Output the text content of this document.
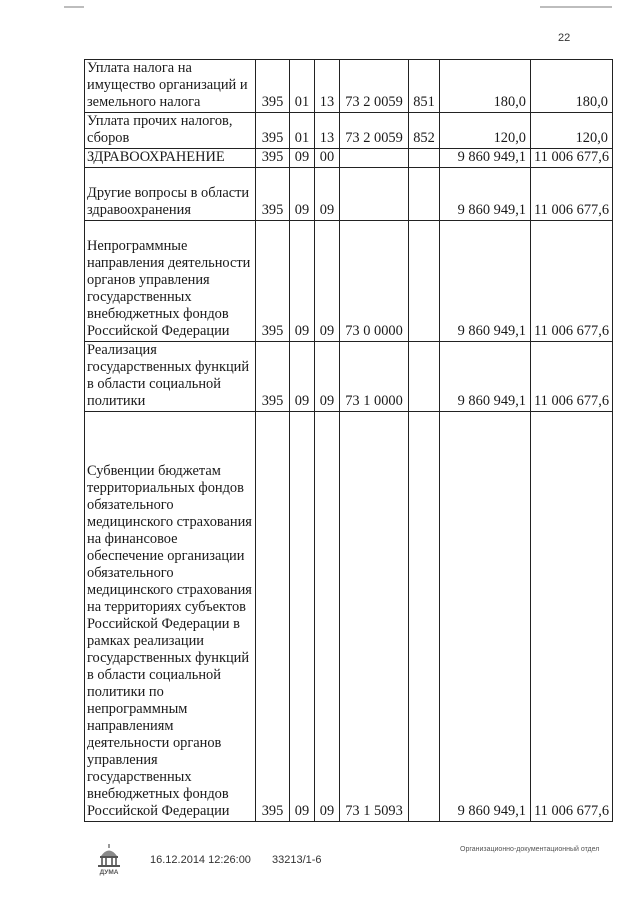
22
Уплата налога на имущество организаций и земельного налога	395	01	13	73 2 0059	851	180,0	180,0
Уплата прочих налогов, сборов	395	01	13	73 2 0059	852	120,0	120,0
ЗДРАВООХРАНЕНИЕ	395	09	00			9 860 949,1	11 006 677,6
Другие вопросы в области здравоохранения	395	09	09			9 860 949,1	11 006 677,6
Непрограммные направления деятельности органов управления государственных внебюджетных фондов Российской Федерации	395	09	09	73 0 0000		9 860 949,1	11 006 677,6
Реализация государственных функций в области социальной политики	395	09	09	73 1 0000		9 860 949,1	11 006 677,6
Субвенции бюджетам территориальных фондов обязательного медицинского страхования на финансовое обеспечение организации обязательного медицинского страхования на территориях субъектов Российской Федерации в рамках реализации государственных функций в области социальной политики по непрограммным направлениям деятельности органов управления государственных внебюджетных фондов Российской Федерации	395	09	09	73 1 5093		9 860 949,1	11 006 677,6
ДУМА
16.12.2014 12:26:00 33213/1-6
Организационно-документационный отдел
